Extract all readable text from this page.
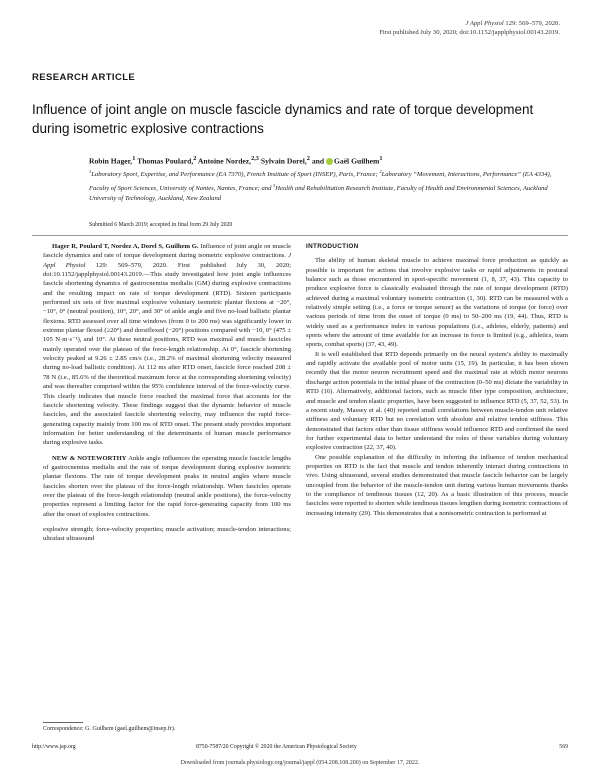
J Appl Physiol 129: 569–579, 2020.
First published July 30, 2020; doi:10.1152/japplphysiol.00143.2019.
RESEARCH ARTICLE
Influence of joint angle on muscle fascicle dynamics and rate of torque development during isometric explosive contractions
Robin Hager,$^1$ Thomas Poulard,$^2$ Antoine Nordez,$^{2,3}$ Sylvain Dorel,$^2$ and Gaël Guilhem$^1$
$^1$Laboratory Sport, Expertise, and Performance (EA 7370), French Institute of Sport (INSEP), Paris, France; $^2$Laboratory “Movement, Interactions, Performance” (EA 4334), Faculty of Sport Sciences, University of Nantes, Nantes, France; and $^3$Health and Rehabilitation Research Institute, Faculty of Health and Environmental Sciences, Auckland University of Technology, Auckland, New Zealand
Submitted 6 March 2019; accepted in final form 29 July 2020

Hager R, Poulard T, Nordez A, Dorel S, Guilhem G. Influence of joint angle on muscle fascicle dynamics and rate of torque development during isometric explosive contractions. J Appl Physiol 129: 569–579, 2020. First published July 30, 2020; doi:10.1152/japplphysiol.00143.2019.—This study investigated how joint angle influences fascicle shortening dynamics of gastrocnemius medialis (GM) during explosive contractions and the resulting impact on rate of torque development (RTD). Sixteen participants performed six sets of five maximal explosive voluntary isometric plantar flexions at −20°, −10°, 0° (neutral position), 10°, 20°, and 30° of ankle angle and five no-load ballistic plantar flexions. RTD assessed over all time windows (from 0 to 200 ms) was significantly lower in extreme plantar flexed (≥20°) and dorsiflexed (−20°) positions compared with −10, 0° (475 ± 105 N·m·s⁻¹), and 10°. At these neutral positions, RTD was maximal and muscle fascicles mainly operated over the plateau of the force-length relationship. At 0°, fascicle shortening velocity peaked at 9.26 ± 2.85 cm/s (i.e., 28.2% of maximal shortening velocity measured during no-load ballistic condition). At 112 ms after RTD onset, fascicle force reached 208 ± 78 N (i.e., 85.6% of the theoretical maximum force at the corresponding shortening velocity) and was thereafter comprised within the 95% confidence interval of the force-velocity curve. This clearly indicates that muscle force reached the maximal force that accounts for the fascicle shortening velocity. These findings suggest that the dynamic behavior of muscle fascicles, and the associated fascicle shortening velocity, may influence the rapid force-generating capacity mainly from 100 ms of RTD onset. The present study provides important information for better understanding of the determinants of human muscle performance during explosive tasks.

NEW & NOTEWORTHY Ankle angle influences the operating muscle fascicle lengths of gastrocnemius medialis and the rate of torque development during explosive isometric plantar flexions. The rate of torque development peaks in neutral angles where muscle fascicles shorten over the plateau of the force-length relationship. When fascicles operate over the plateau of the force-length relationship (neutral ankle positions), the force-velocity properties represent a limiting factor for the rapid force-generating capacity from 100 ms after the onset of explosive contractions.

explosive strength; force-velocity properties; muscle activation; muscle-tendon interactions; ultrafast ultrasound

INTRODUCTION

The ability of human skeletal muscle to achieve maximal force production as quickly as possible is important for actions that involve explosive tasks or rapid adjustments in postural balance such as those encountered in sport-specific movement (1, 8, 37, 43). This capacity to produce explosive force is classically evaluated through the rate of torque development (RTD) achieved during a maximal voluntary isometric contraction (1, 30). RTD can be measured with a relatively simple setting (i.e., a force or torque sensor) as the variations of torque (or force) over various periods of time from the onset of torque (0 ms) to 50–200 ms (19, 44). Thus, RTD is widely used as a performance index in various populations (i.e., athletes, elderly, patients) and sports where the amount of time available for an increase in force is limited (e.g., athletics, team sports, combat sports) (37, 43, 49).

It is well established that RTD depends primarily on the neural system’s ability to maximally and rapidly activate the available pool of motor units (15, 19). In particular, it has been shown recently that the motor neuron recruitment speed and the maximal rate at which motor neurons discharge action potentials in the initial phase of the contraction (0–50 ms) dictate the variability in RTD (16). Alternatively, additional factors, such as muscle fiber type composition, architecture, and muscle and tendon elastic properties, have been suggested to influence RTD (5, 37, 52, 53). In a recent study, Massey et al. (40) reported small correlations between muscle-tendon unit relative stiffness and voluntary RTD but no correlation with absolute and relative tendon stiffness. This demonstrated that factors other than tissue stiffness would influence RTD and confirmed the need for further experimental data to better understand the roles of these variables during voluntary explosive contraction (22, 37, 40).

One possible explanation of the difficulty in inferring the influence of tendon mechanical properties on RTD is the fact that muscle and tendon inherently interact during contractions in vivo. Using ultrasound, several studies demonstrated that muscle fascicle behavior can be largely uncoupled from the behavior of the muscle-tendon unit during various human movements thanks to the compliance of tendinous tissues (12, 20). As a basic illustration of this process, muscle fascicles were reported to shorten while tendinous tissues lengthen during isometric contractions of increasing intensity (29). This demonstrates that a nonisometric contraction is performed at

Correspondence: G. Guilhem (gael.guilhem@insep.fr).
http://www.jap.org	8750-7587/20 Copyright © 2020 the American Physiological Society	569
Downloaded from journals.physiology.org/journal/jappl (054.208.108.200) on September 17, 2022.
